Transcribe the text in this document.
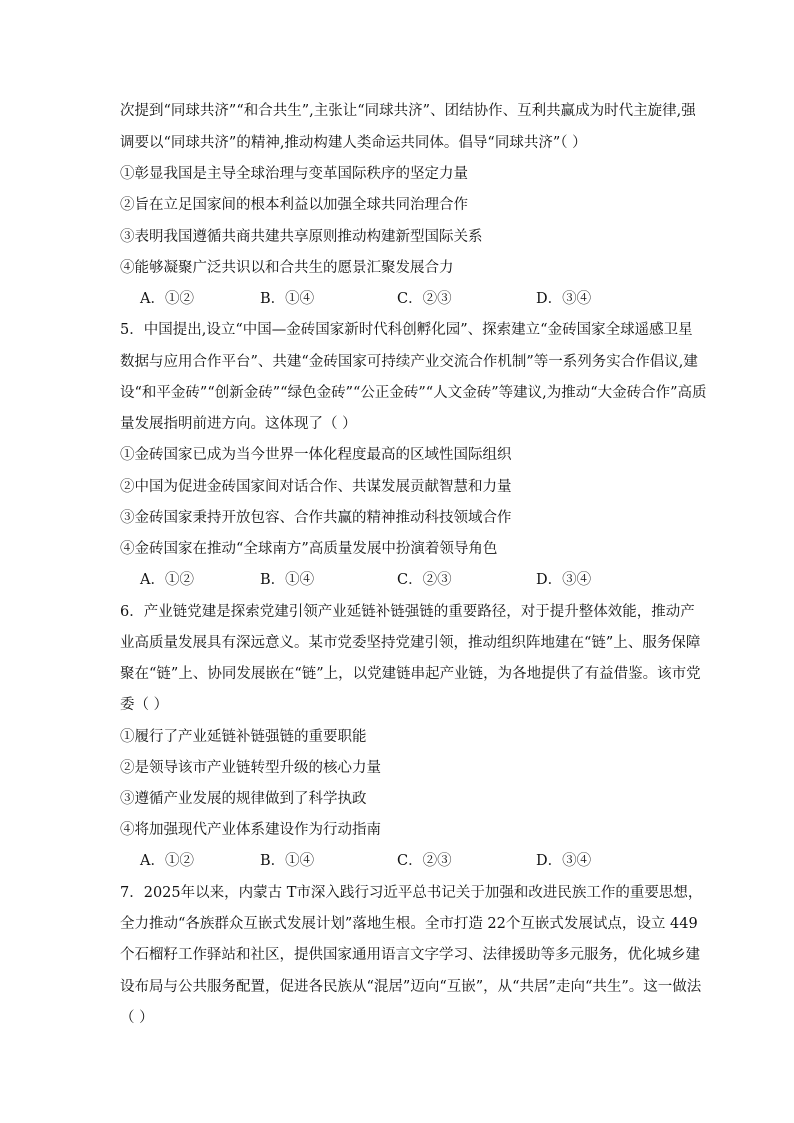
次提到“同球共济”“和合共生”,主张让“同球共济”、团结协作、互利共赢成为时代主旋律,强
调要以“同球共济”的精神,推动构建人类命运共同体。倡导“同球共济”（ ）
①彰显我国是主导全球治理与变革国际秩序的坚定力量
②旨在立足国家间的根本利益以加强全球共同治理合作
③表明我国遵循共商共建共享原则推动构建新型国际关系
④能够凝聚广泛共识以和合共生的愿景汇聚发展合力
A．①②	B．①④	C．②③	D．③④
5．中国提出,设立“中国—金砖国家新时代科创孵化园”、探索建立“金砖国家全球遥感卫星
数据与应用合作平台”、共建“金砖国家可持续产业交流合作机制”等一系列务实合作倡议,建
设“和平金砖”“创新金砖”“绿色金砖”“公正金砖”“人文金砖”等建议,为推动“大金砖合作”高质
量发展指明前进方向。这体现了（ ）
①金砖国家已成为当今世界一体化程度最高的区域性国际组织
②中国为促进金砖国家间对话合作、共谋发展贡献智慧和力量
③金砖国家秉持开放包容、合作共赢的精神推动科技领域合作
④金砖国家在推动“全球南方”高质量发展中扮演着领导角色
A．①②	B．①④	C．②③	D．③④
6．产业链党建是探索党建引领产业延链补链强链的重要路径，对于提升整体效能，推动产
业高质量发展具有深远意义。某市党委坚持党建引领，推动组织阵地建在“链”上、服务保障
聚在“链”上、协同发展嵌在“链”上，以党建链串起产业链，为各地提供了有益借鉴。该市党
委（ ）
①履行了产业延链补链强链的重要职能
②是领导该市产业链转型升级的核心力量
③遵循产业发展的规律做到了科学执政
④将加强现代产业体系建设作为行动指南
A．①②	B．①④	C．②③	D．③④
7．2025年以来，内蒙古 T市深入践行习近平总书记关于加强和改进民族工作的重要思想，
全力推动“各族群众互嵌式发展计划”落地生根。全市打造 22个互嵌式发展试点，设立 449
个石榴籽工作驿站和社区，提供国家通用语言文字学习、法律援助等多元服务，优化城乡建
设布局与公共服务配置，促进各民族从“混居”迈向“互嵌”，从“共居”走向“共生”。这一做法
（ ）
